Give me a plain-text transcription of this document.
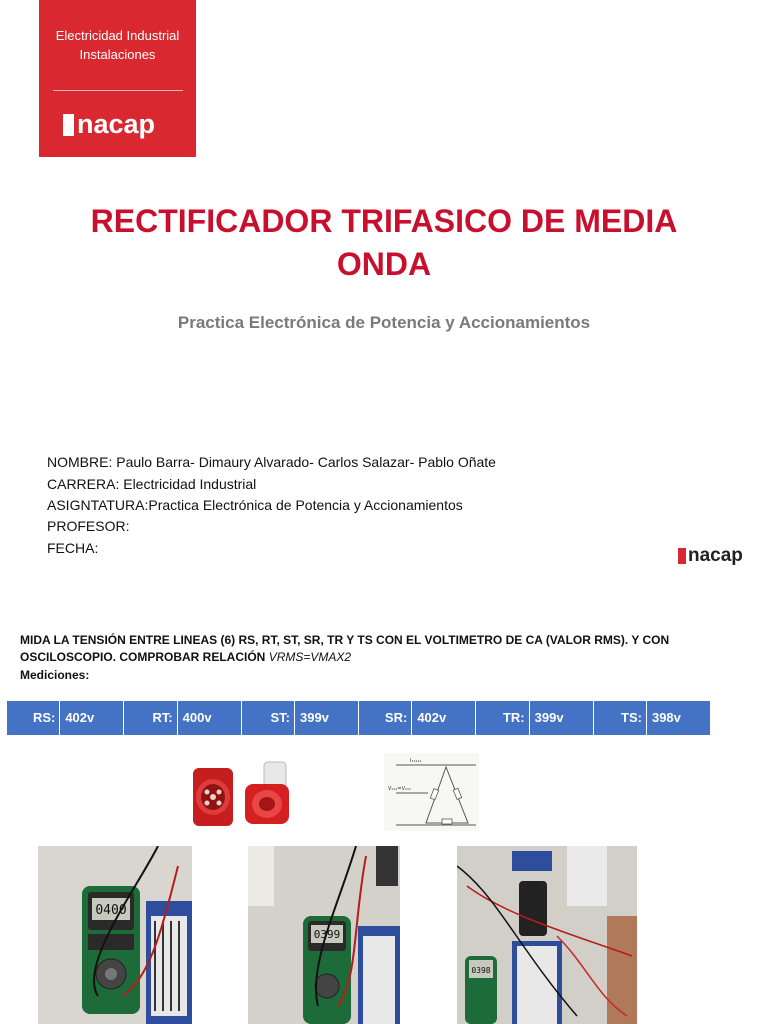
Electricidad Industrial
Instalaciones
nacap
RECTIFICADOR TRIFASICO DE MEDIA
ONDA
Practica Electrónica de Potencia y Accionamientos
NOMBRE: Paulo Barra- Dimaury Alvarado- Carlos Salazar- Pablo Oñate
CARRERA: Electricidad Industrial
ASIGNTATURA:Practica Electrónica de Potencia y Accionamientos
PROFESOR:
FECHA:	nacap
MIDA LA TENSIÓN ENTRE LINEAS (6) RS, RT, ST, SR, TR Y TS CON EL VOLTIMETRO DE CA (VALOR RMS). Y CON
OSCILOSCOPIO. COMPROBAR RELACIÓN VRMS=VMAX2
Mediciones:
RS: 402v	RT: 400v	ST: 399v	SR: 402v	TR: 399v	TS: 398v
I₁₁₁₁₁
V₁₁₁=V₁₁₁
0400
0399
0398
